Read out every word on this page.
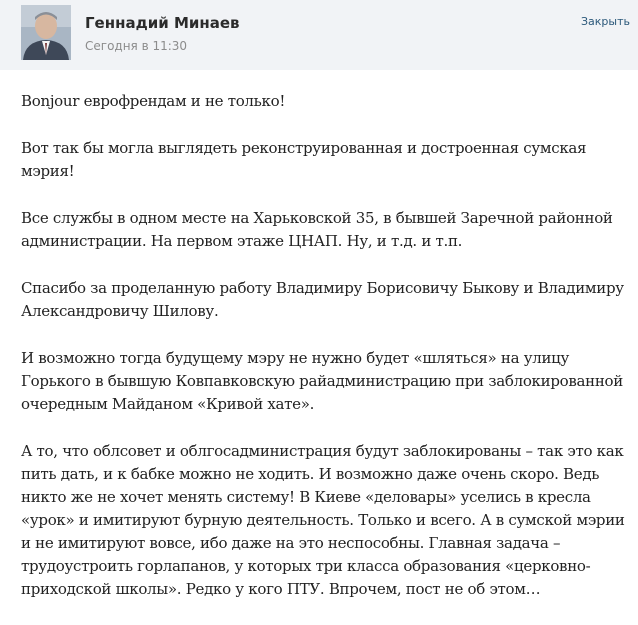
Геннадий Минаев
Сегодня в 11:30
Закрыть

Bonjour еврофрендам и не только!

Вот так бы могла выглядеть реконструированная и достроенная сумская мэрия!

Все службы в одном месте на Харьковской 35, в бывшей Заречной районной администрации. На первом этаже ЦНАП. Ну, и т.д. и т.п.

Спасибо за проделанную работу Владимиру Борисовичу Быкову и Владимиру Александровичу Шилову.

И возможно тогда будущему мэру не нужно будет «шляться» на улицу Горького в бывшую Ковпавковскую райадминистрацию при заблокированной очередным Майданом «Кривой хате».

А то, что облсовет и облгосадминистрация будут заблокированы – так это как пить дать, и к бабке можно не ходить. И возможно даже очень скоро. Ведь никто же не хочет менять систему! В Киеве «деловары» уселись в кресла «урок» и имитируют бурную деятельность. Только и всего. А в сумской мэрии и не имитируют вовсе, ибо даже на это неспособны. Главная задача – трудоустроить горлапанов, у которых три класса образования «церковно-приходской школы». Редко у кого ПТУ. Впрочем, пост не об этом…
